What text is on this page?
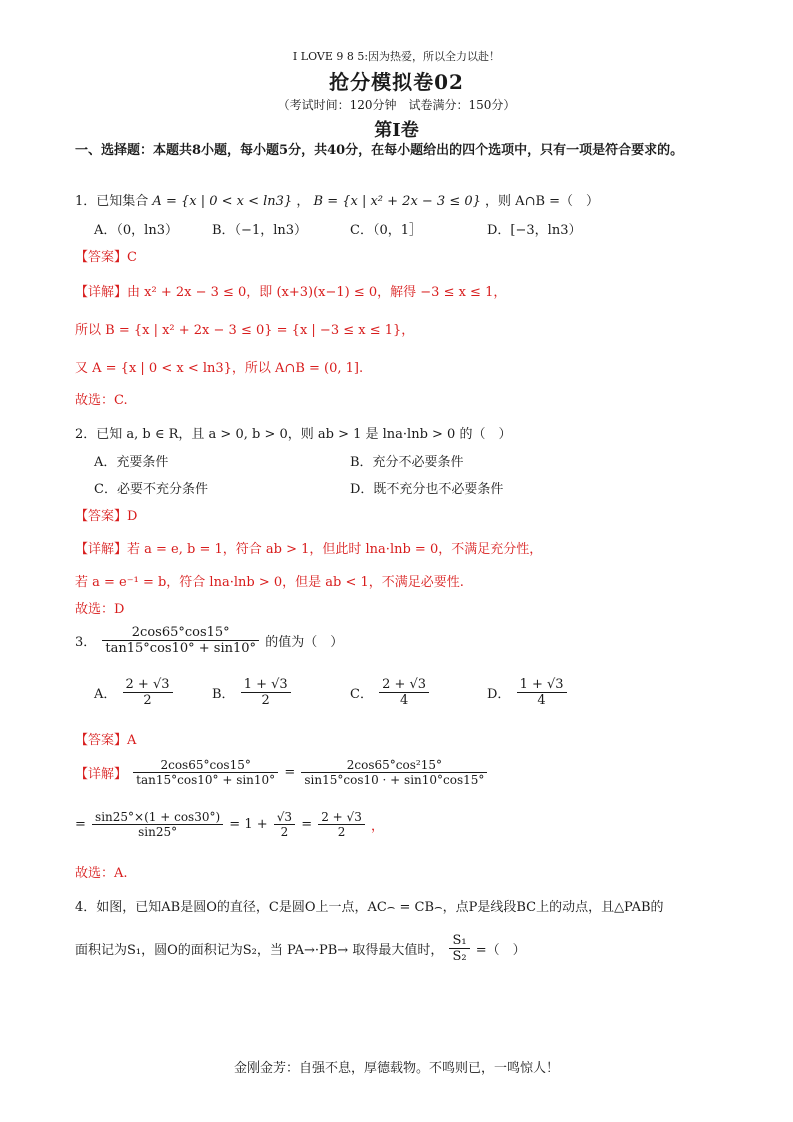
I LOVE 9 8 5:因为热爱，所以全力以赴！
抢分模拟卷02
（考试时间：120分钟　试卷满分：150分）
第I卷
一、选择题：本题共8小题，每小题5分，共40分，在每小题给出的四个选项中，只有一项是符合要求的。
1．已知集合 A = {x | 0 < x < ln3} ， B = {x | x² + 2x − 3 ≤ 0} ，则 A∩B =（　）
A．（0，ln3）	B．（−1，ln3）	C．（0，1］	D．[−3，ln3）
【答案】C
【详解】由 x² + 2x − 3 ≤ 0，即 (x+3)(x−1) ≤ 0，解得 −3 ≤ x ≤ 1，
所以 B = {x | x² + 2x − 3 ≤ 0} = {x | −3 ≤ x ≤ 1}，
又 A = {x | 0 < x < ln3}，所以 A∩B = (0, 1].
故选：C.
2．已知 a, b ∈ R，且 a > 0, b > 0，则 ab > 1 是 lna·lnb > 0 的（　）
A．充要条件	B．充分不必要条件
C．必要不充分条件	D．既不充分也不必要条件
【答案】D
【详解】若 a = e, b = 1，符合 ab > 1，但此时 lna·lnb = 0，不满足充分性，
若 a = e⁻¹ = b，符合 lna·lnb > 0，但是 ab < 1，不满足必要性.
故选：D
3． $\frac{2\cos 65^\circ\cos 15^\circ}{\tan 15^\circ\cos 10^\circ + \sin 10^\circ}$ 的值为（　）
A． $\frac{2 + √3}{2}$	B． $\frac{1 + √3}{2}$	C． $\frac{2 + √3}{4}$	D． $\frac{1 + √3}{4}$
【答案】A
【详解】 $\frac{2\cos 65^\circ\cos 15^\circ}{\tan 15^\circ\cos 10^\circ + \sin 10^\circ} = \frac{\text{2cos65°cos²15°}}{\sin 15^\circ\cos 10 \cdot + \sin 10^\circ\cos 15^\circ}$
= $\frac{\sin 25^\circ\times(1 + \cos 30^\circ)}{\sin 25^\circ} = 1 + \frac{√3}{2} = \frac{2 + √3}{2}$ ，
故选：A.
4．如图，已知AB是圆O的直径，C是圆O上一点，AC⌢ = CB⌢，点P是线段BC上的动点，且△PAB的
面积记为S₁，圆O的面积记为S₂，当 PA→·PB→ 取得最大值时， $\frac{\text{S₁}}{\text{S₂}}$ =（　）
金刚金芳：自强不息，厚德载物。不鸣则已，一鸣惊人！
